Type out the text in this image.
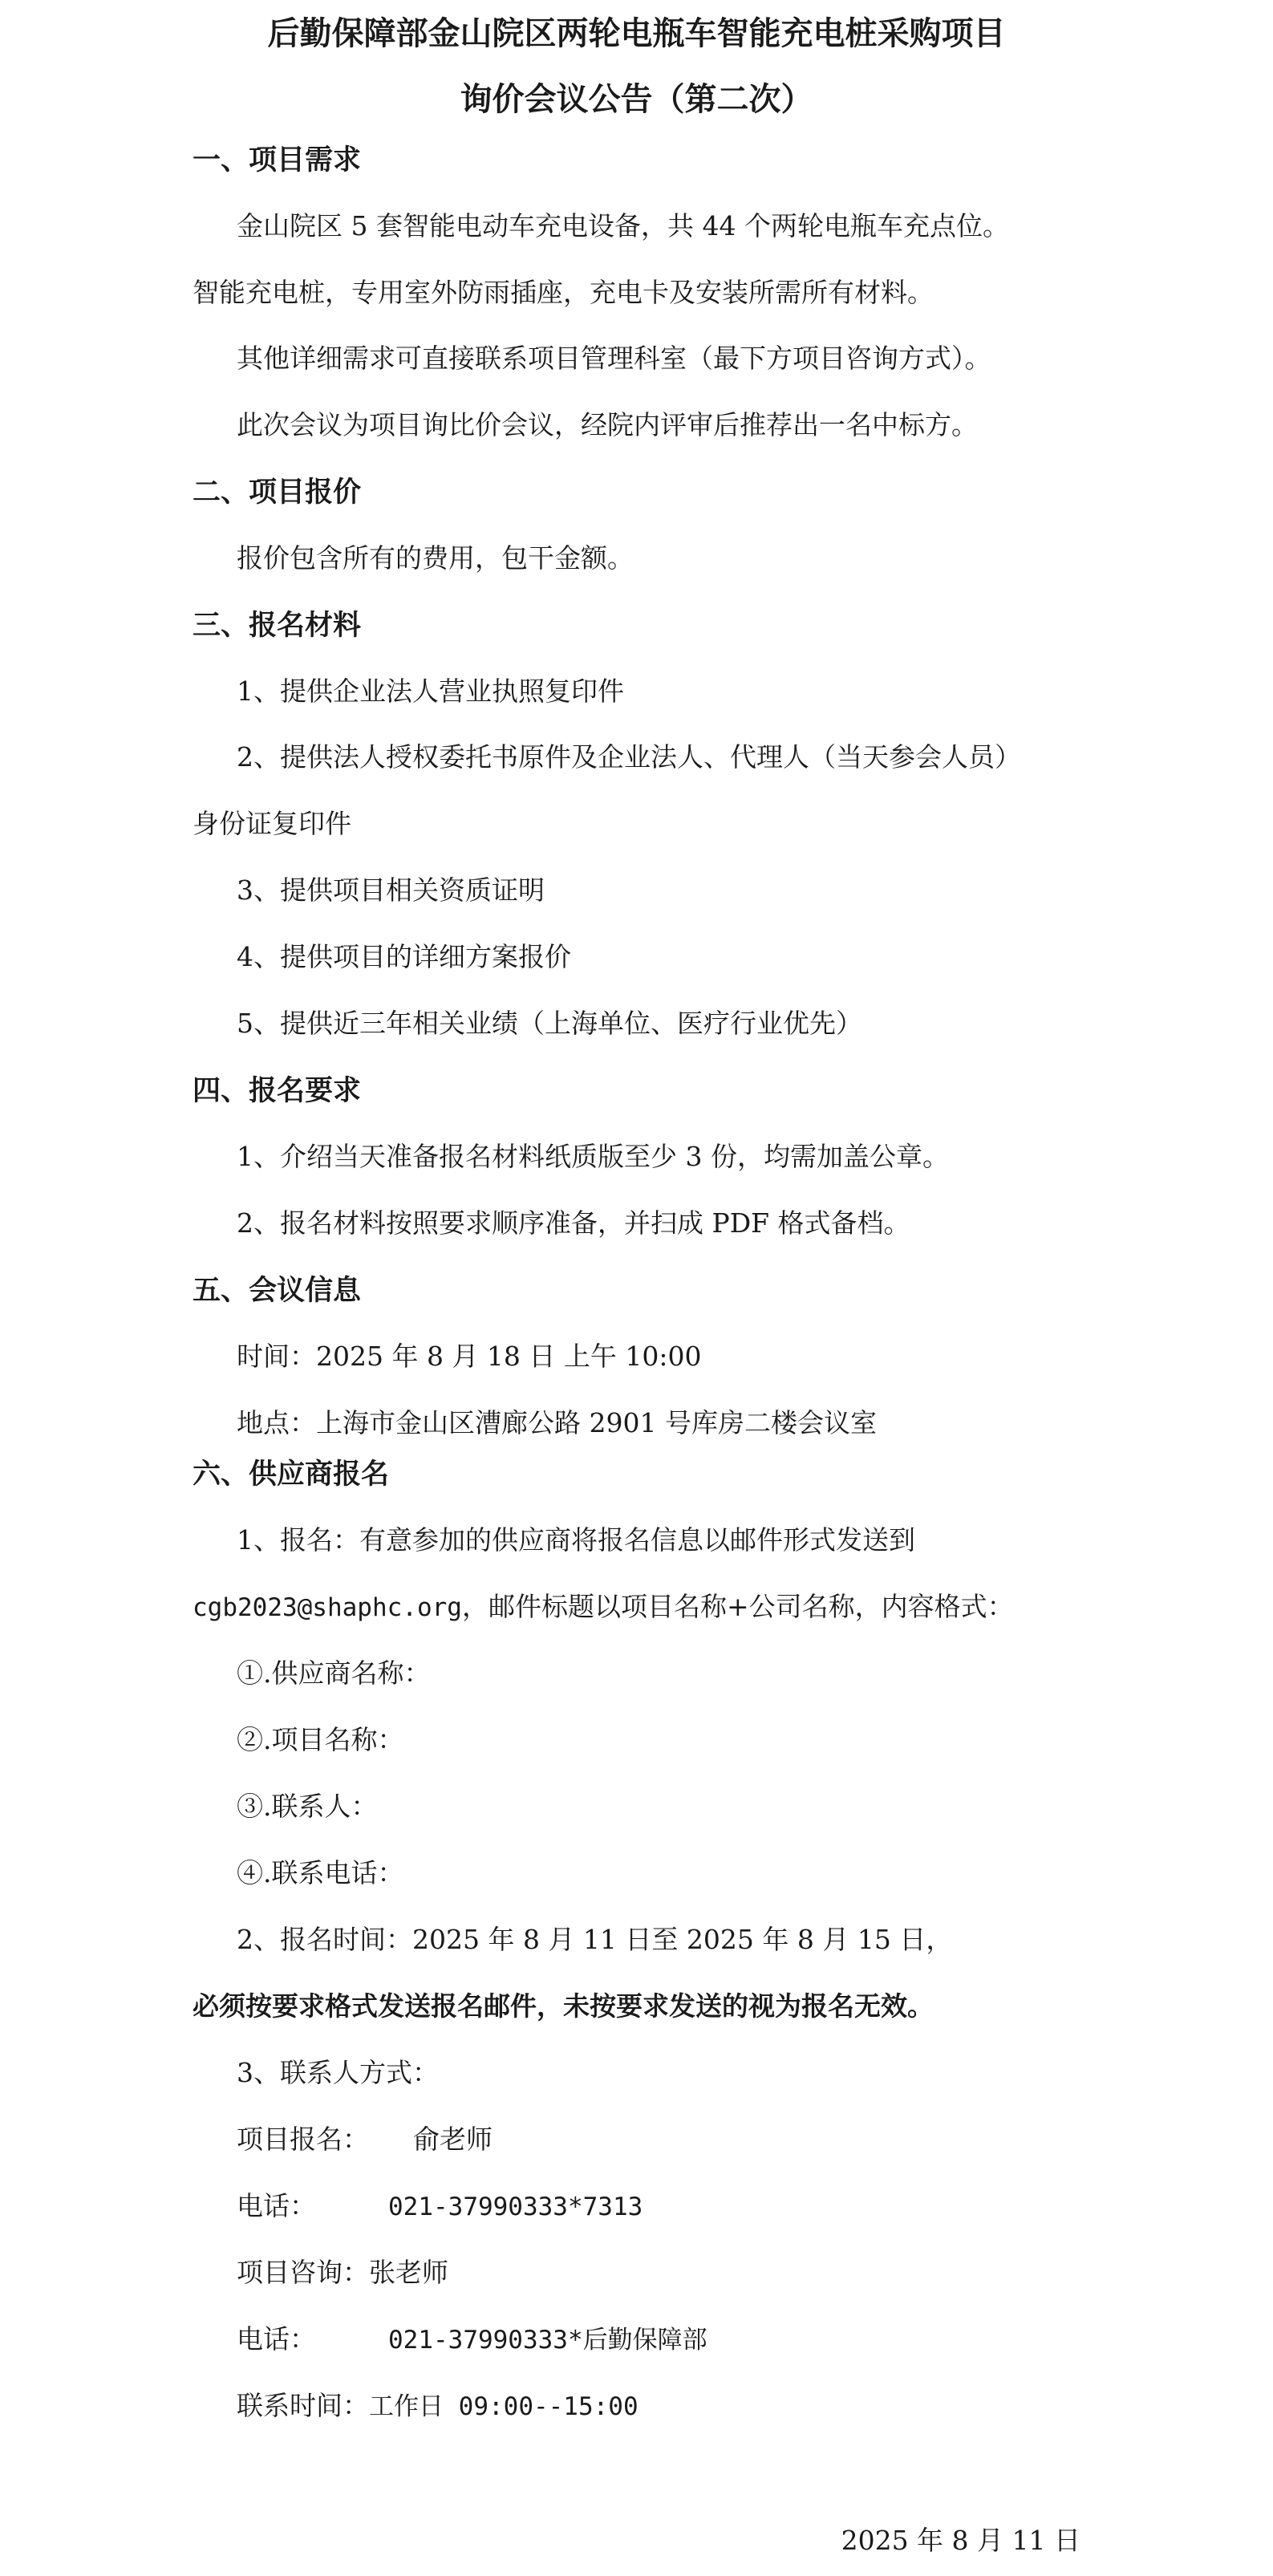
后勤保障部金山院区两轮电瓶车智能充电桩采购项目
询价会议公告（第二次）
一、项目需求
金山院区 5 套智能电动车充电设备，共 44 个两轮电瓶车充点位。
智能充电桩，专用室外防雨插座，充电卡及安装所需所有材料。
其他详细需求可直接联系项目管理科室（最下方项目咨询方式）。
此次会议为项目询比价会议，经院内评审后推荐出一名中标方。
二、项目报价
报价包含所有的费用，包干金额。
三、报名材料
1、提供企业法人营业执照复印件
2、提供法人授权委托书原件及企业法人、代理人（当天参会人员）
身份证复印件
3、提供项目相关资质证明
4、提供项目的详细方案报价
5、提供近三年相关业绩（上海单位、医疗行业优先）
四、报名要求
1、介绍当天准备报名材料纸质版至少 3 份，均需加盖公章。
2、报名材料按照要求顺序准备，并扫成 PDF 格式备档。
五、会议信息
时间：2025 年 8 月 18 日 上午 10:00
地点：上海市金山区漕廊公路 2901 号库房二楼会议室
六、供应商报名
1、报名：有意参加的供应商将报名信息以邮件形式发送到
cgb2023@shaphc.org，邮件标题以项目名称+公司名称，内容格式：
①.供应商名称：
②.项目名称：
③.联系人：
④.联系电话：
2、报名时间：2025 年 8 月 11 日至 2025 年 8 月 15 日，
必须按要求格式发送报名邮件，未按要求发送的视为报名无效。
3、联系人方式：
项目报名： 俞老师
电话：	021-37990333*7313
项目咨询：张老师
电话：	021-37990333*后勤保障部
联系时间：工作日 09:00--15:00
2025 年 8 月 11 日
